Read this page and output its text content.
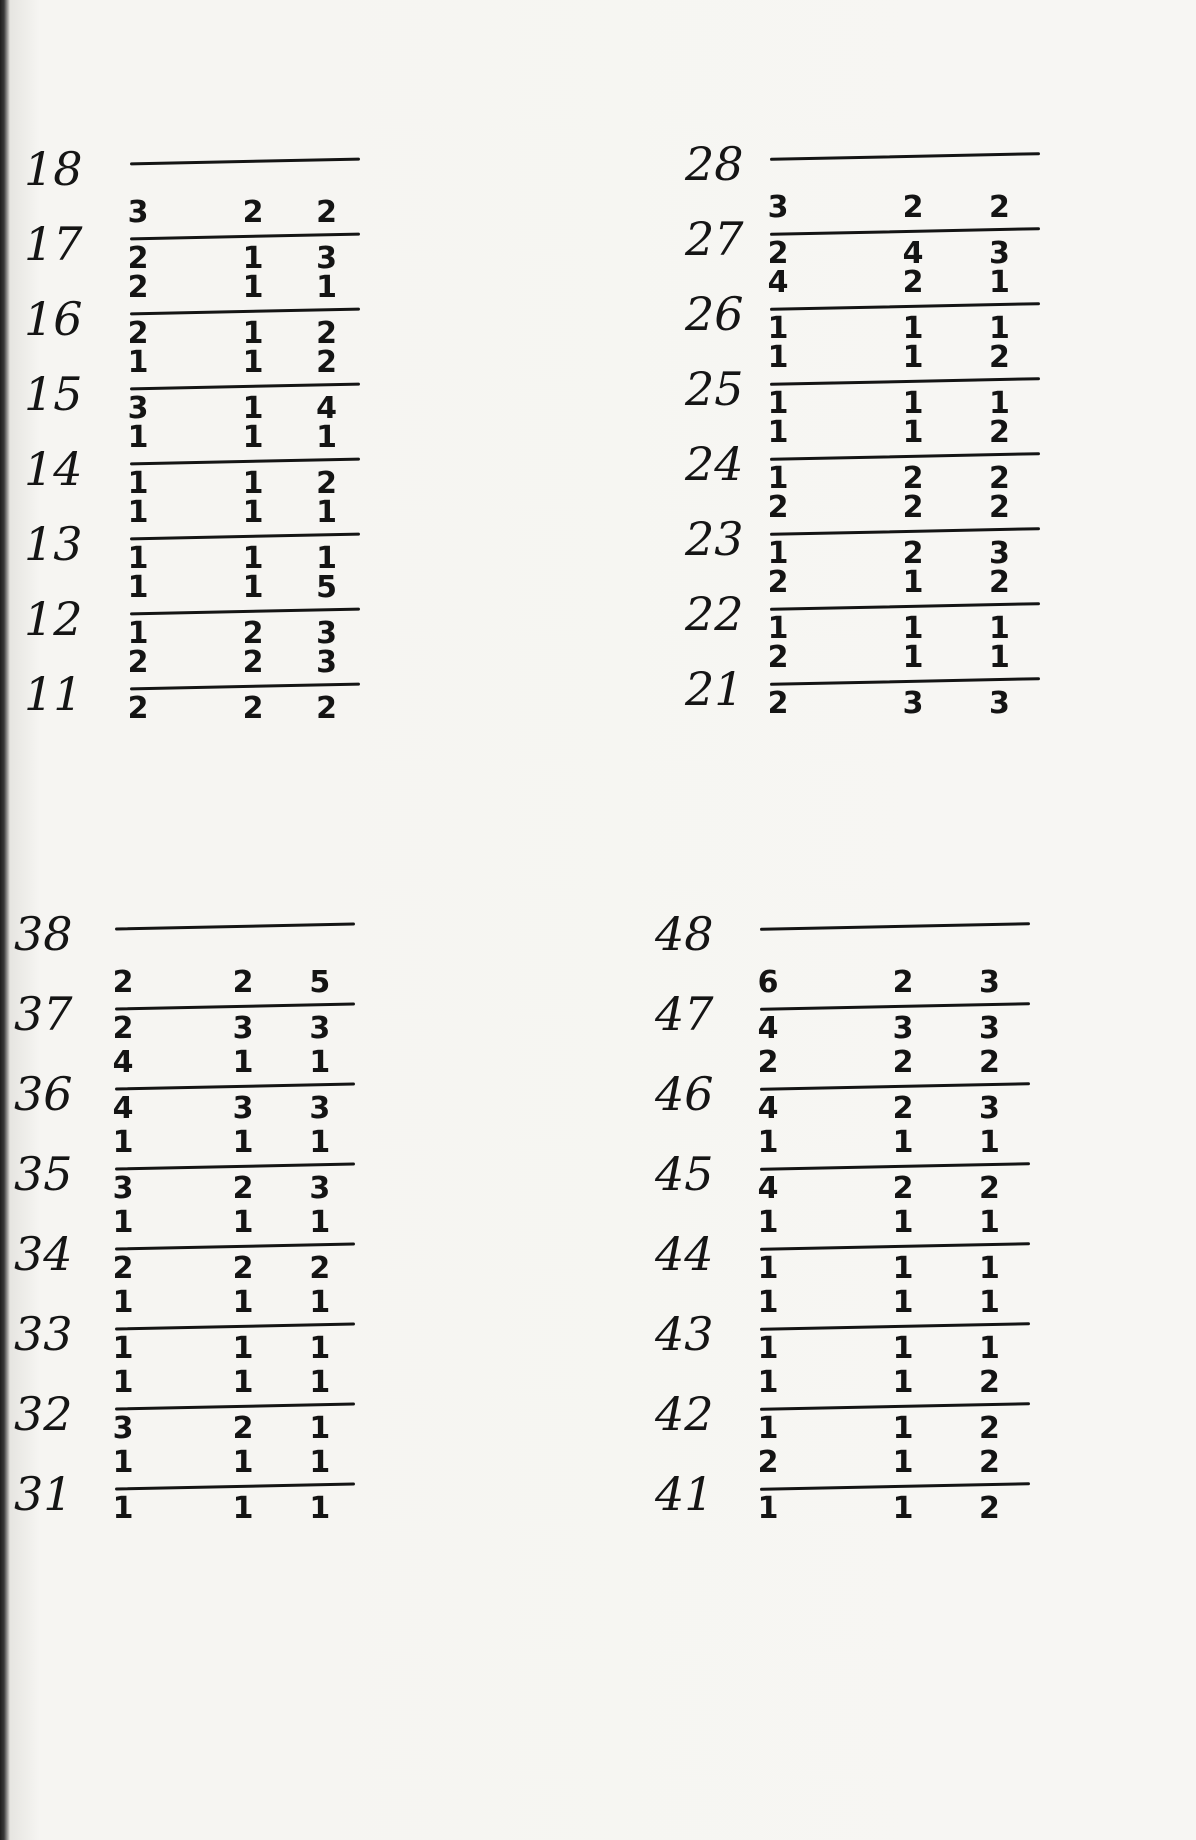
18
17
3	2	2
2	1	3
16
2	1	1
2	1	2
15
1	1	2
3	1	4
14
1	1	1
1	1	2
13
1	1	1
1	1	1
12
1	1	5
1	2	3
11
2	2	3
2	2	2
28
27
3	2	2
2	4	3
26
4	2	1
1	1	1
25
1	1	2
1	1	1
24
1	1	2
1	2	2
23
2	2	2
1	2	3
22
2	1	2
1	1	1
21
2	1	1
2	3	3
38
37
2	2	5
2	3	3
36
4	1	1
4	3	3
35
1	1	1
3	2	3
34
1	1	1
2	2	2
33
1	1	1
1	1	1
32
1	1	1
3	2	1
31
1	1	1
1	1	1
48
47
6	2	3
4	3	3
46
2	2	2
4	2	3
45
1	1	1
4	2	2
44
1	1	1
1	1	1
43
1	1	1
1	1	1
42
1	1	2
1	1	2
41
2	1	2
1	1	2
